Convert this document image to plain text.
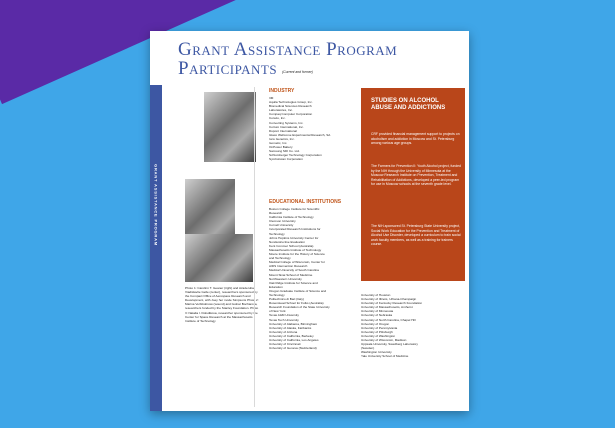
GRANT ASSISTANCE PROGRAM
Grant Assistance Program
Participants (Current and former)
Photo 1: Carolinn T. Geaner (right) and Azaderubar Viadislavite Gelle (center), researchers sponsored by the Compact Office of Aerospace Research and Development, with Joey her mode Simpsons Photo 2: Marina Verbitskinow (wound) and Gulnar Bocharova, researchers funded by the Stanley Foundation. Photo 3: Natalia I. Dolsdikova, researcher sponsored by the Center for Space Research at the Massachusetts Institute of Technology
INDUSTRY
3M
Aquila Technologies Group, Inc.
Biomedical Sciences Research
Laboratories, Inc.
Compaq Computer Corporation
Corazo, Inc.
Converting Systems, Inc.
Cortum International, Inc.
Dupont International
Glaxo Wellcome Experimental Research, SA
Ions Genetics, Inc.
Isometic, Inc.
OnPower Battery
Samsung SDI Co. Ltd.
Schlumberger Technology Corporation
Symbolscan Corporation
EDUCATIONAL INSTITUTIONS
Boston College Institute for Scientific
Research
California Institute of Technology
Clemson University
Cornell University
Incorporated Research Institutions for
Technology
Johns Hopkins University Center for
Nondestructive Evaluation
Kent Commer School (Australia)
Massachusetts Institute of Technology
Moore Institute for the History of Science
and Technology
Medical College of Wisconsin, Center for
AIDS Intervention Research
Medical University of South Carolina
Mount Sinai School of Medicine
Northwestern University
Oak Ridge Institute for Science and
Education
Oregon Graduate Institute of Science and
Technology
Politechnico di Bari (Italy)
Rosenstead School for Folks (Australia)
Research Foundation of the State University
of New York
Texas A&M University
Texas Tech University
University of Alabama, Birmingham
University of Alaska, Fairbanks
University of Arizona
University of California, Berkeley
University of California, Los Angeles
University of Cincinnati
University of Geneva (Switzerland)
STUDIES ON ALCOHOL ABUSE AND ADDICTIONS
CRF provided financial management support to projects on alcoholism and addiction in Moscow and St. Petersburg among various age groups.
The Farmers for Prevention II: Youth Alcohol project, funded by the NIH through the University of Minnesota at the Moscow Research Institute on Prevention, Treatment and Rehabilitation of Addictions, developed a peer-led program for use in Moscow schools at the seventh grade level.
The NIH-sponsored St. Petersburg State University project, Social Work Education for the Prevention and Treatment of Alcohol Use Disorder, developed a curriculum to train social work faculty members, as well as a training for trainers course.
University of Houston
University of Illinois, Urbana-Champaign
University of Kentucky Research Foundation
University of Massachusetts, Amherst
University of Minnesota
University of Nebraska
University of North Carolina, Chapel Hill
University of Oregon
University of Pennsylvania
University of Pittsburgh
University of Washington
University of Wisconsin, Madison
Uppsala University, Swedberg Laboratory
(Sweden)
Washington University
Yale University School of Medicine
